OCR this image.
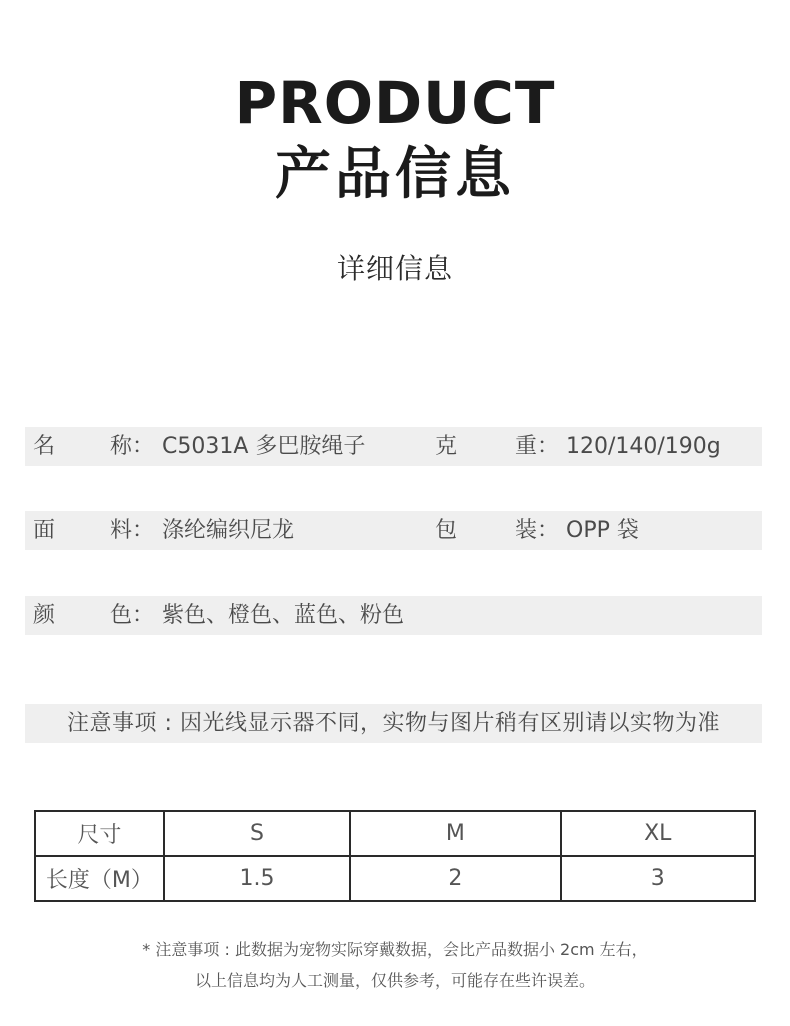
PRODUCT
产品信息
详细信息
名 称： C5031A 多巴胺绳子	克	重： 120/140/190g
面 料： 涤纶编织尼龙	包	装： OPP 袋
颜 色： 紫色、橙色、蓝色、粉色
注意事项 : 因光线显示器不同，实物与图片稍有区别请以实物为准
尺寸	S	M	XL
长度（M）	1.5	2	3
* 注意事项 : 此数据为宠物实际穿戴数据，会比产品数据小 2cm 左右，
以上信息均为人工测量，仅供参考，可能存在些许误差。
